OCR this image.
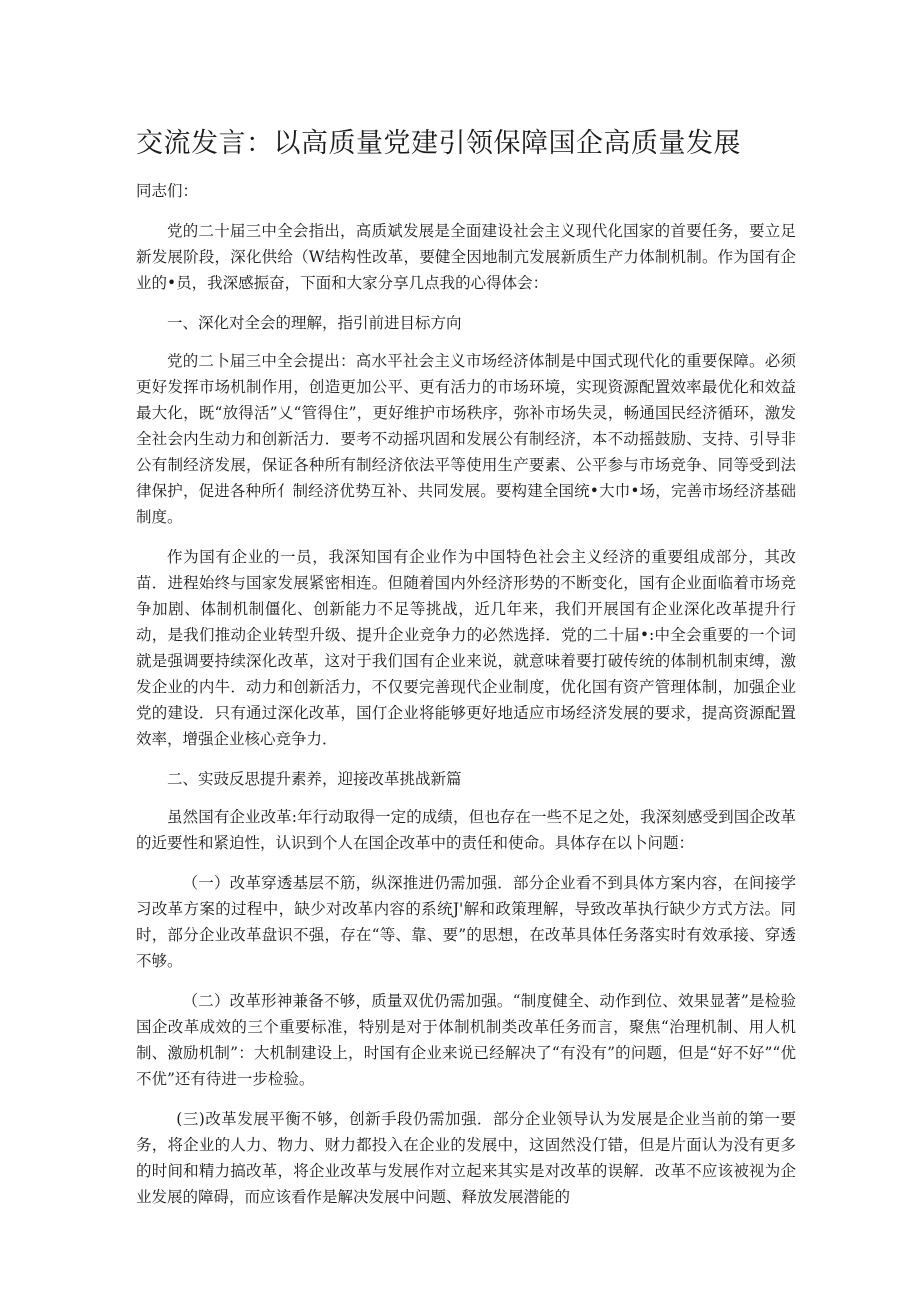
交流发言：以高质量党建引领保障国企高质量发展

同志们：

党的二十届三中全会指出，高质斌发展是全面建设社会主义现代化国家的首要任务，要立足新发展阶段，深化供给（W结构性改革，要健全因地制亢发展新质生产力体制机制。作为国有企业的•员，我深感振奋，下面和大家分享几点我的心得体会：

一、深化对全会的理解，指引前进目标方向

党的二卜届三中全会提出：高水平社会主义市场经济体制是中国式现代化的重要保障。必须更好发挥市场机制作用，创造更加公平、更有活力的市场环境，实现资源配置效率最优化和效益最大化，既“放得活”乂“管得住”，更好维护市场秩序，弥补市场失灵，畅通国民经济循环，激发全社会内生动力和创新活力．要考不动摇巩固和发展公有制经济，本不动摇鼓励、支持、引导非公有制经济发展，保证各种所有制经济依法平等使用生产要素、公平参与市场竞争、同等受到法律保护，促进各种所亻制经济优势互补、共同发展。要构建全国统•大巾•场，完善市场经济基础制度。

作为国有企业的一员，我深知国有企业作为中国特色社会主义经济的重要组成部分，其改苗．进程始终与国家发展紧密相连。但随着国内外经济形势的不断变化，国有企业面临着市场竞争加剧、体制机制僵化、创新能力不足等挑战，近几年来，我们开展国有企业深化改革提升行动，是我们推动企业转型升级、提升企业竞争力的必然选择．党的二十届•:中全会重要的一个词就是强调要持续深化改革，这对于我们国有企业来说，就意味着要打破传统的体制机制束缚，激发企业的内牛．动力和创新活力，不仅要完善现代企业制度，优化国有资产管理体制，加强企业党的建设．只有通过深化改革，国仃企业将能够更好地适应市场经济发展的要求，提高资源配置效率，增强企业核心竞争力．

二、实豉反思提升素养，迎接改革挑战新篇

虽然国有企业改革:年行动取得一定的成绩，但也存在一些不足之处，我深刻感受到国企改革的近要性和紧迫性，认识到个人在国企改革中的责任和使命。具体存在以卜问题：

（一）改革穿透基层不筋，纵深推进仍需加强．部分企业看不到具体方案内容，在间接学习改革方案的过程中，缺少对改革内容的系统J'解和政策理解，导致改革执行缺少方式方法。同时，部分企业改革盘识不强，存在“等、靠、要”的思想，在改革具体任务落实时有效承接、穿透不够。

（二）改革形神兼备不够，质量双优仍需加强。“制度健全、动作到位、效果显著”是检验国企改革成效的三个重要标准，特别是对于体制机制类改革任务而言，聚焦“治理机制、用人机制、激励机制”：大机制建设上，时国有企业来说已经解决了“有没有”的问题，但是“好不好”“优不优”还有待进一步检验。

(三)改革发展平衡不够，创新手段仍需加强．部分企业领导认为发展是企业当前的第一要务，将企业的人力、物力、财力都投入在企业的发展中，这固然没仃错，但是片面认为没有更多的时间和精力搞改革，将企业改革与发展作对立起来其实是对改革的误解．改革不应该被视为企业发展的障碍，而应该看作是解决发展中问题、释放发展潜能的
